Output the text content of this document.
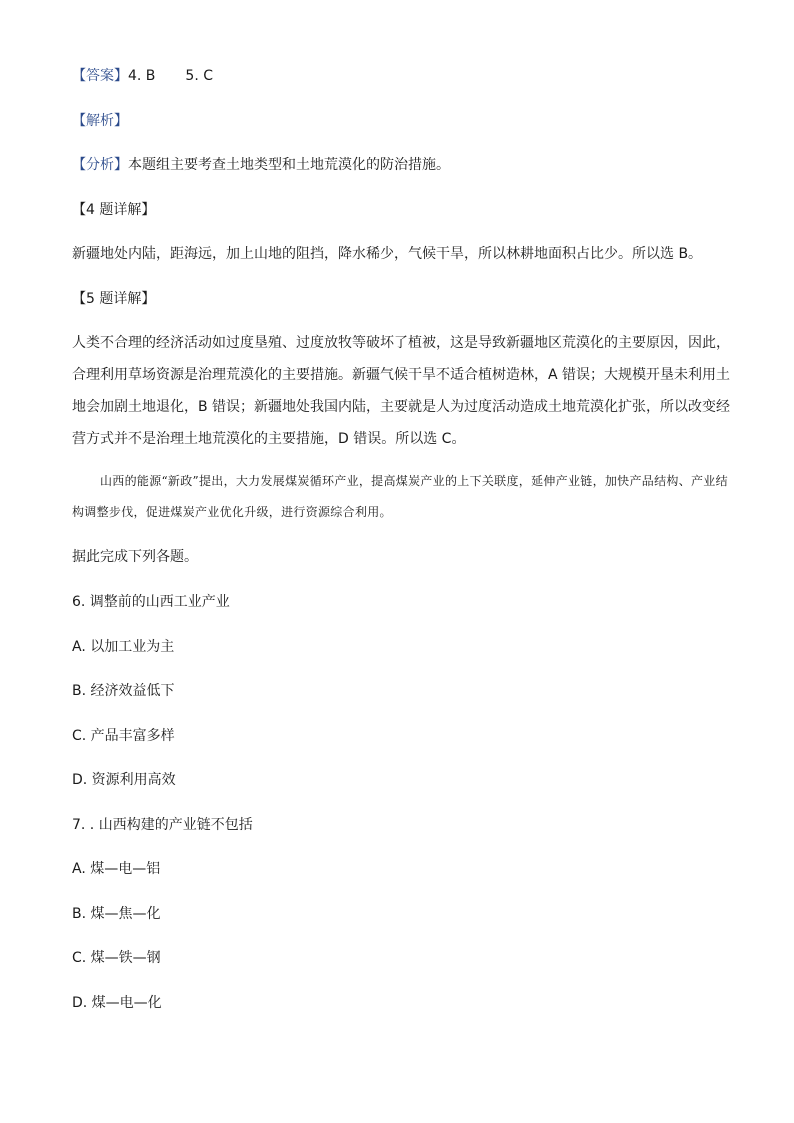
【答案】4. B 5. C
【解析】
【分析】本题组主要考查土地类型和土地荒漠化的防治措施。
【4 题详解】
新疆地处内陆，距海远，加上山地的阻挡，降水稀少，气候干旱，所以林耕地面积占比少。所以选 B。
【5 题详解】
人类不合理的经济活动如过度垦殖、过度放牧等破坏了植被，这是导致新疆地区荒漠化的主要原因，因此，合理利用草场资源是治理荒漠化的主要措施。新疆气候干旱不适合植树造林，A 错误；大规模开垦未利用土地会加剧土地退化，B 错误；新疆地处我国内陆，主要就是人为过度活动造成土地荒漠化扩张，所以改变经营方式并不是治理土地荒漠化的主要措施，D 错误。所以选 C。
山西的能源“新政”提出，大力发展煤炭循环产业，提高煤炭产业的上下关联度，延伸产业链，加快产品结构、产业结构调整步伐，促进煤炭产业优化升级，进行资源综合利用。
据此完成下列各题。
6. 调整前的山西工业产业
A. 以加工业为主
B. 经济效益低下
C. 产品丰富多样
D. 资源利用高效
7. . 山西构建的产业链不包括
A. 煤—电—铝
B. 煤—焦—化
C. 煤—铁—钢
D. 煤—电—化
